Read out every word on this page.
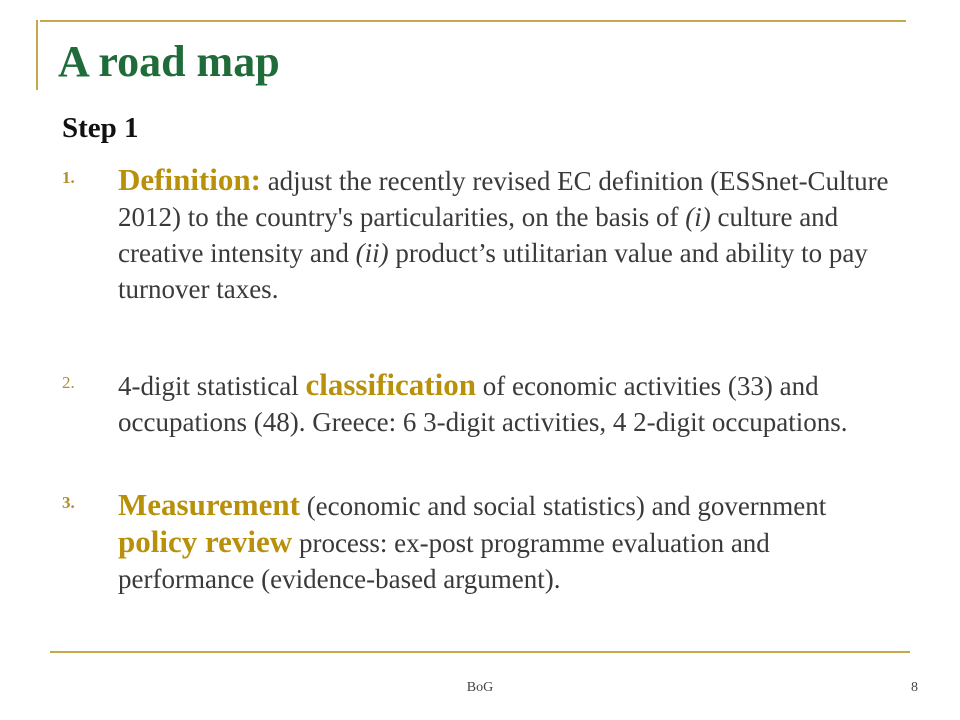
A road map
Step 1
1.	Definition: adjust the recently revised EC definition (ESSnet-Culture 2012) to the country's particularities, on the basis of (i) culture and creative intensity and (ii) product’s utilitarian value and ability to pay turnover taxes.
2.	4-digit statistical classification of economic activities (33) and occupations (48). Greece: 6 3-digit activities, 4 2-digit occupations.
3.	Measurement (economic and social statistics) and government policy review process: ex-post programme evaluation and performance (evidence-based argument).
BoG	8
